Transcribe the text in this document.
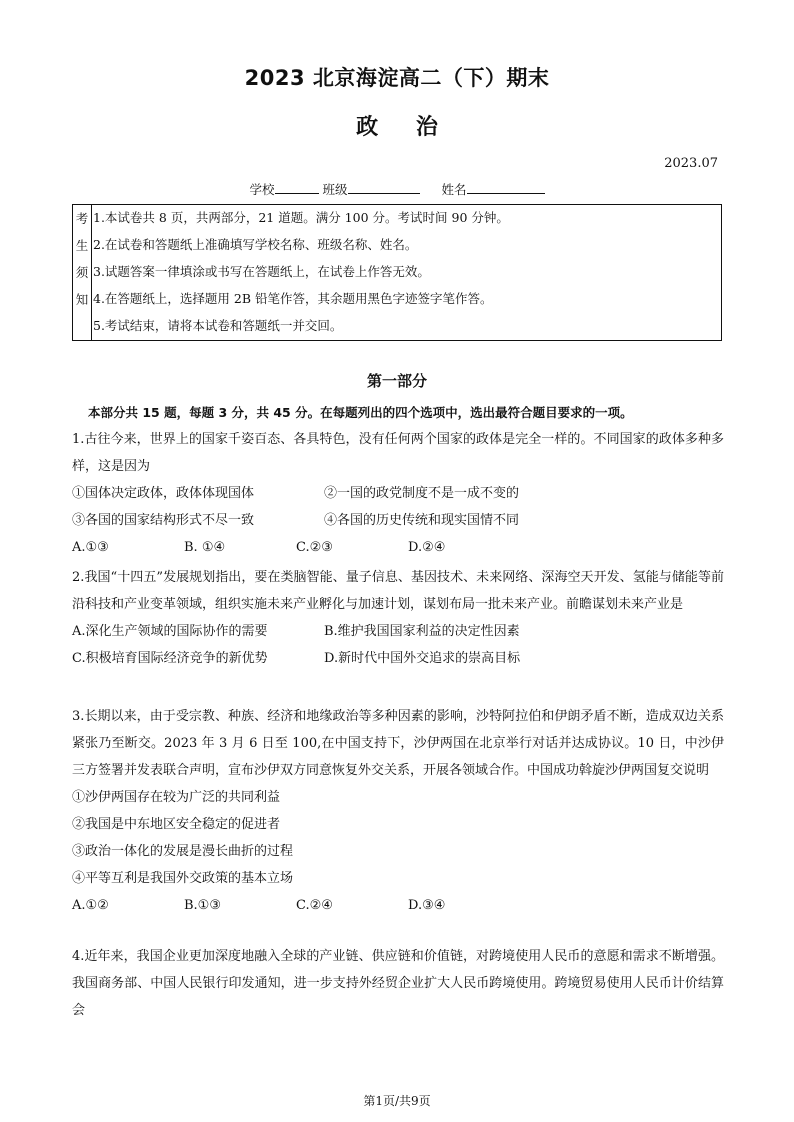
2023 北京海淀高二（下）期末
政 治
2023.07
学校	班级	姓名
考
生
须
知
1.本试卷共 8 页，共两部分，21 道题。满分 100 分。考试时间 90 分钟。
2.在试卷和答题纸上准确填写学校名称、班级名称、姓名。
3.试题答案一律填涂或书写在答题纸上，在试卷上作答无效。
4.在答题纸上，选择题用 2B 铅笔作答，其余题用黑色字迹签字笔作答。
5.考试结束，请将本试卷和答题纸一并交回。
第一部分
本部分共 15 题，每题 3 分，共 45 分。在每题列出的四个选项中，选出最符合题目要求的一项。

1.古往今来，世界上的国家千姿百态、各具特色，没有任何两个国家的政体是完全一样的。不同国家的政体多种多样，这是因为

①国体决定政体，政体体现国体	②一国的政党制度不是一成不变的
③各国的国家结构形式不尽一致	④各国的历史传统和现实国情不同
A.①③	B. ①④	C.②③	D.②④

2.我国“十四五”发展规划指出，要在类脑智能、量子信息、基因技术、未来网络、深海空天开发、氢能与储能等前沿科技和产业变革领域，组织实施未来产业孵化与加速计划，谋划布局一批未来产业。前瞻谋划未来产业是

A.深化生产领域的国际协作的需要	B.维护我国国家利益的决定性因素
C.积极培育国际经济竞争的新优势	D.新时代中国外交追求的崇高目标

3.长期以来，由于受宗教、种族、经济和地缘政治等多种因素的影响，沙特阿拉伯和伊朗矛盾不断，造成双边关系紧张乃至断交。2023 年 3 月 6 日至 100,在中国支持下，沙伊两国在北京举行对话并达成协议。10 日，中沙伊三方签署并发表联合声明，宣布沙伊双方同意恢复外交关系，开展各领域合作。中国成功斡旋沙伊两国复交说明

①沙伊两国存在较为广泛的共同利益
②我国是中东地区安全稳定的促进者
③政治一体化的发展是漫长曲折的过程
④平等互利是我国外交政策的基本立场
A.①②	B.①③	C.②④	D.③④

4.近年来，我国企业更加深度地融入全球的产业链、供应链和价值链，对跨境使用人民币的意愿和需求不断增强。我国商务部、中国人民银行印发通知，进一步支持外经贸企业扩大人民币跨境使用。跨境贸易使用人民币计价结算会

第1页/共9页
